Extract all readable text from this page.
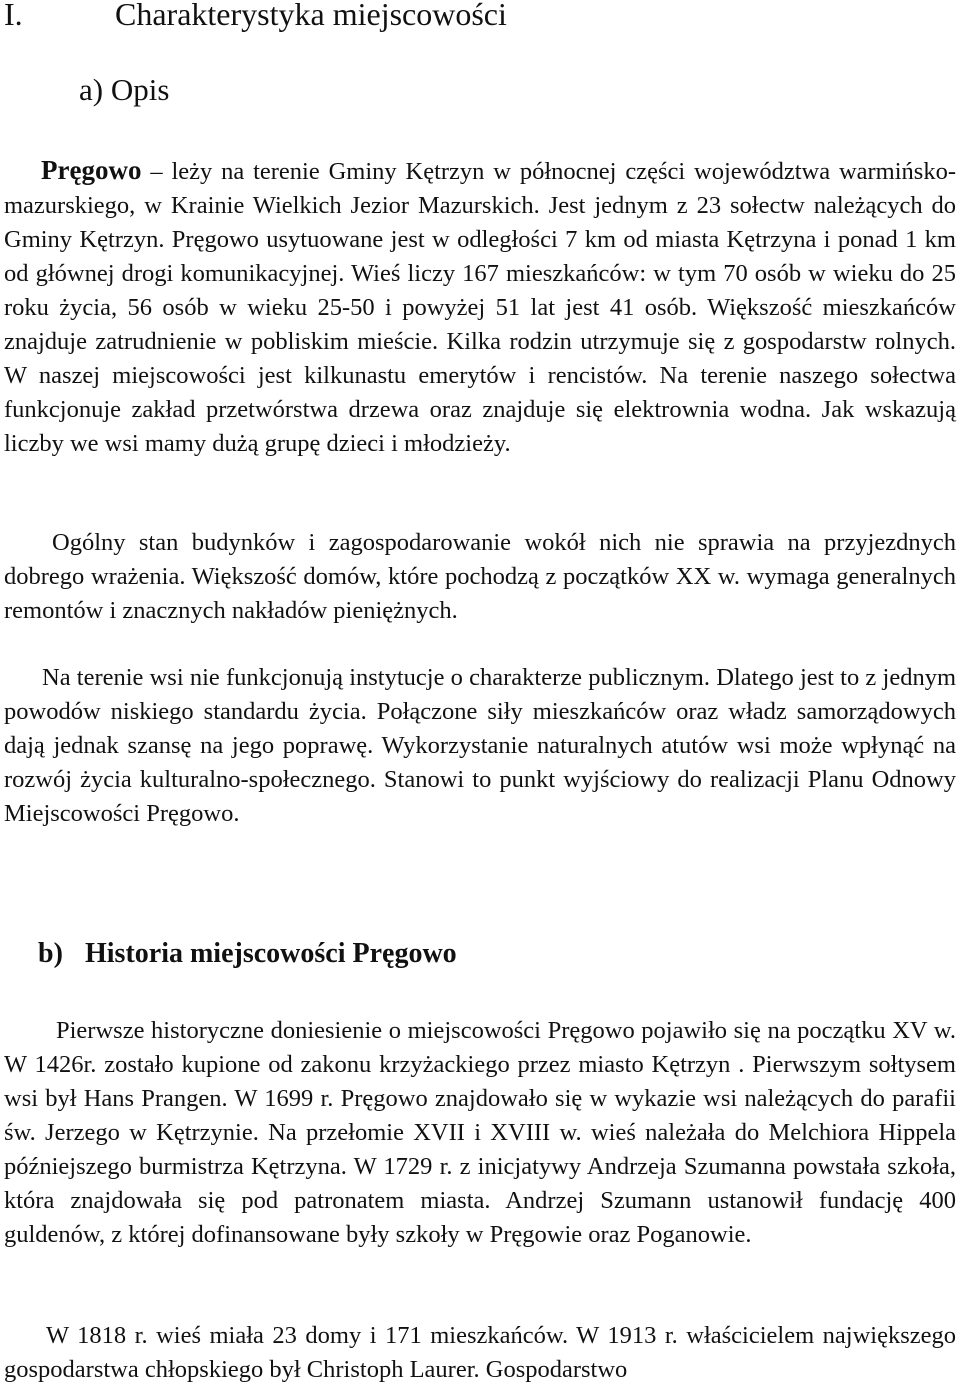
I.	Charakterystyka miejscowości
a) Opis

Pręgowo – leży na terenie Gminy Kętrzyn w północnej części województwa warmińsko-mazurskiego, w Krainie Wielkich Jezior Mazurskich. Jest jednym z 23 sołectw należących do Gminy Kętrzyn. Pręgowo usytuowane jest w odległości 7 km od miasta Kętrzyna i ponad 1 km od głównej drogi komunikacyjnej. Wieś liczy 167 mieszkańców: w tym 70 osób w wieku do 25 roku życia, 56 osób w wieku 25-50 i powyżej 51 lat jest 41 osób. Większość mieszkańców znajduje zatrudnienie w pobliskim mieście. Kilka rodzin utrzymuje się z gospodarstw rolnych. W naszej miejscowości jest kilkunastu emerytów i rencistów. Na terenie naszego sołectwa funkcjonuje zakład przetwórstwa drzewa oraz znajduje się elektrownia wodna. Jak wskazują liczby we wsi mamy dużą grupę dzieci i młodzieży.

Ogólny stan budynków i zagospodarowanie wokół nich nie sprawia na przyjezdnych dobrego wrażenia. Większość domów, które pochodzą z początków XX w. wymaga generalnych remontów i znacznych nakładów pieniężnych.

Na terenie wsi nie funkcjonują instytucje o charakterze publicznym. Dlatego jest to z jednym powodów niskiego standardu życia. Połączone siły mieszkańców oraz władz samorządowych dają jednak szansę na jego poprawę. Wykorzystanie naturalnych atutów wsi może wpłynąć na rozwój życia kulturalno-społecznego. Stanowi to punkt wyjściowy do realizacji Planu Odnowy Miejscowości Pręgowo.

b) Historia miejscowości Pręgowo

Pierwsze historyczne doniesienie o miejscowości Pręgowo pojawiło się na początku XV w. W 1426r. zostało kupione od zakonu krzyżackiego przez miasto Kętrzyn . Pierwszym sołtysem wsi był Hans Prangen. W 1699 r. Pręgowo znajdowało się w wykazie wsi należących do parafii św. Jerzego w Kętrzynie. Na przełomie XVII i XVIII w. wieś należała do Melchiora Hippela późniejszego burmistrza Kętrzyna. W 1729 r. z inicjatywy Andrzeja Szumanna powstała szkoła, która znajdowała się pod patronatem miasta. Andrzej Szumann ustanowił fundację 400 guldenów, z której dofinansowane były szkoły w Pręgowie oraz Poganowie.

W 1818 r. wieś miała 23 domy i 171 mieszkańców. W 1913 r. właścicielem największego gospodarstwa chłopskiego był Christoph Laurer. Gospodarstwo
